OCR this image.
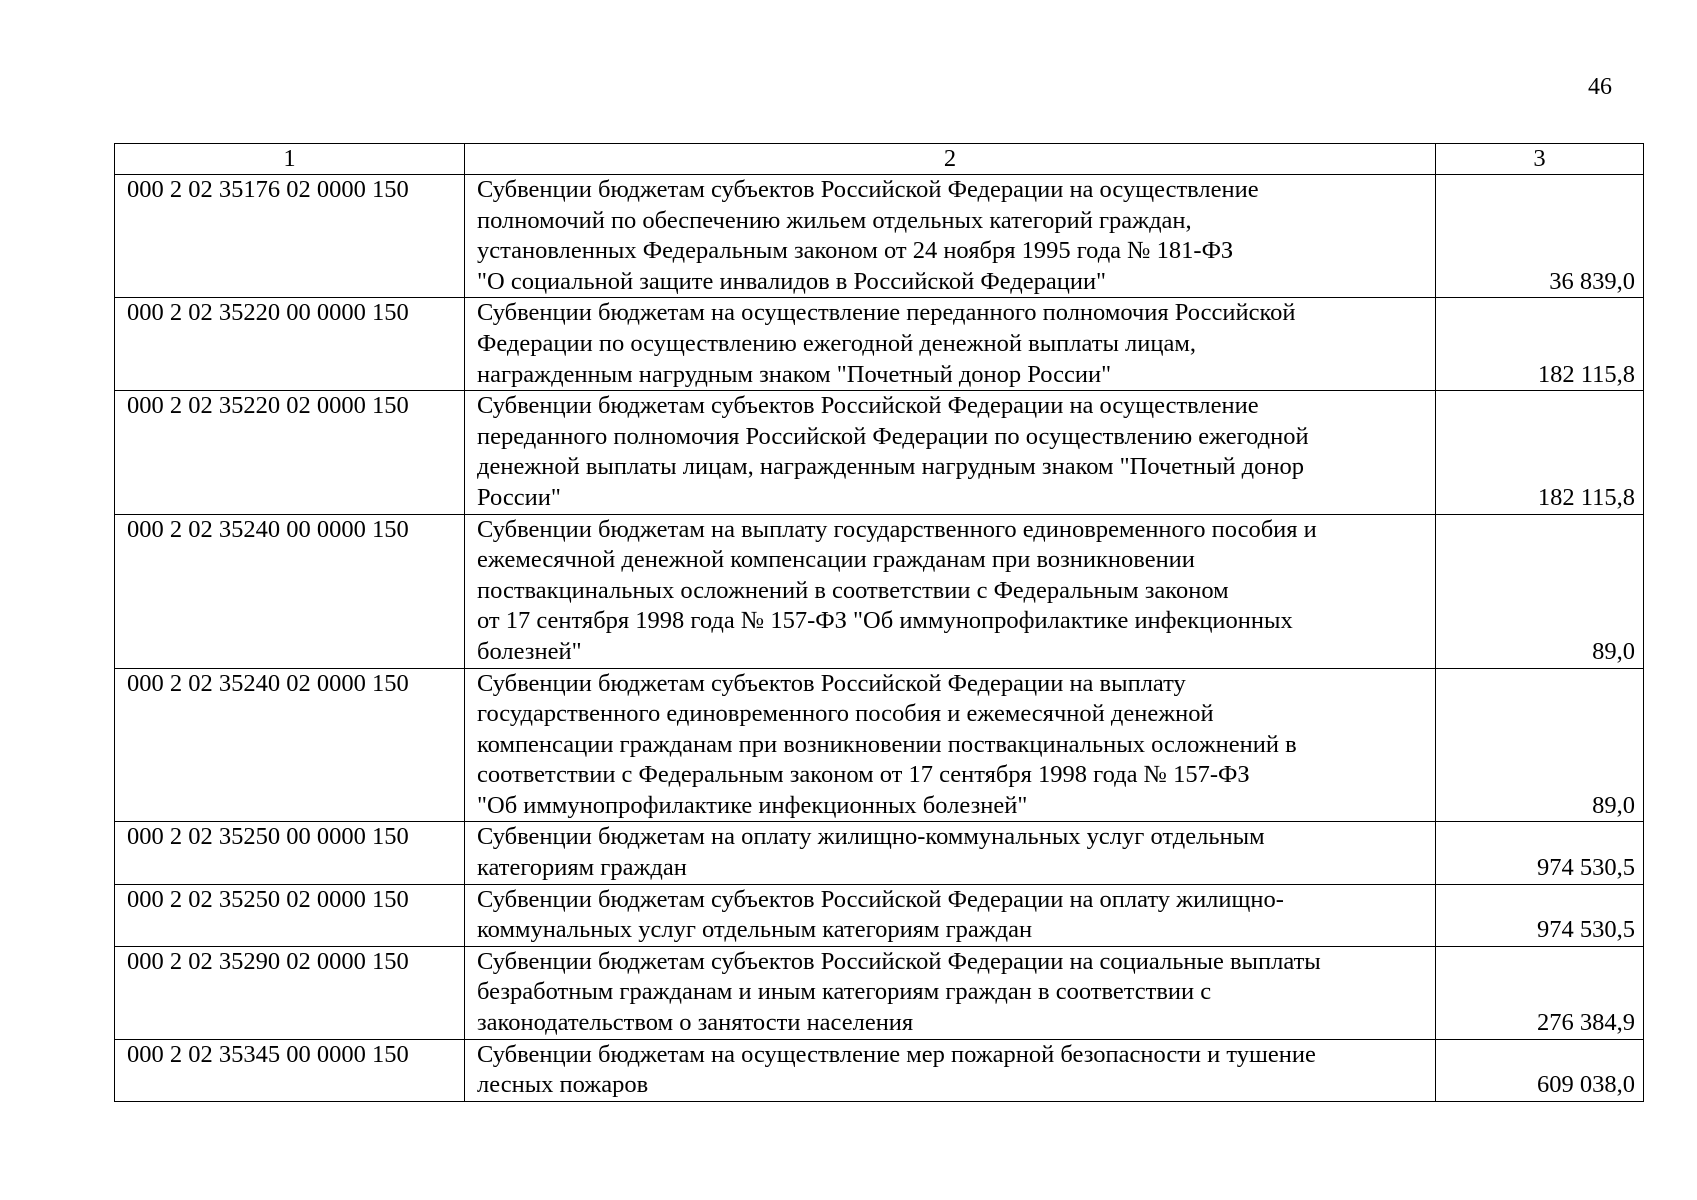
46
1	2	3
000 2 02 35176 02 0000 150	Субвенции бюджетам субъектов Российской Федерации на осуществление
полномочий по обеспечению жильем отдельных категорий граждан,
установленных Федеральным законом от 24 ноября 1995 года № 181-ФЗ
"О социальной защите инвалидов в Российской Федерации"	36 839,0
000 2 02 35220 00 0000 150	Субвенции бюджетам на осуществление переданного полномочия Российской
Федерации по осуществлению ежегодной денежной выплаты лицам,
награжденным нагрудным знаком "Почетный донор России"	182 115,8
000 2 02 35220 02 0000 150	Субвенции бюджетам субъектов Российской Федерации на осуществление
переданного полномочия Российской Федерации по осуществлению ежегодной
денежной выплаты лицам, награжденным нагрудным знаком "Почетный донор
России"	182 115,8
000 2 02 35240 00 0000 150	Субвенции бюджетам на выплату государственного единовременного пособия и
ежемесячной денежной компенсации гражданам при возникновении
поствакцинальных осложнений в соответствии с Федеральным законом
от 17 сентября 1998 года № 157-ФЗ "Об иммунопрофилактике инфекционных
болезней"	89,0
000 2 02 35240 02 0000 150	Субвенции бюджетам субъектов Российской Федерации на выплату
государственного единовременного пособия и ежемесячной денежной
компенсации гражданам при возникновении поствакцинальных осложнений в
соответствии с Федеральным законом от 17 сентября 1998 года № 157-ФЗ
"Об иммунопрофилактике инфекционных болезней"	89,0
000 2 02 35250 00 0000 150	Субвенции бюджетам на оплату жилищно-коммунальных услуг отдельным
категориям граждан	974 530,5
000 2 02 35250 02 0000 150	Субвенции бюджетам субъектов Российской Федерации на оплату жилищно-
коммунальных услуг отдельным категориям граждан	974 530,5
000 2 02 35290 02 0000 150	Субвенции бюджетам субъектов Российской Федерации на социальные выплаты
безработным гражданам и иным категориям граждан в соответствии с
законодательством о занятости населения	276 384,9
000 2 02 35345 00 0000 150	Субвенции бюджетам на осуществление мер пожарной безопасности и тушение
лесных пожаров	609 038,0
